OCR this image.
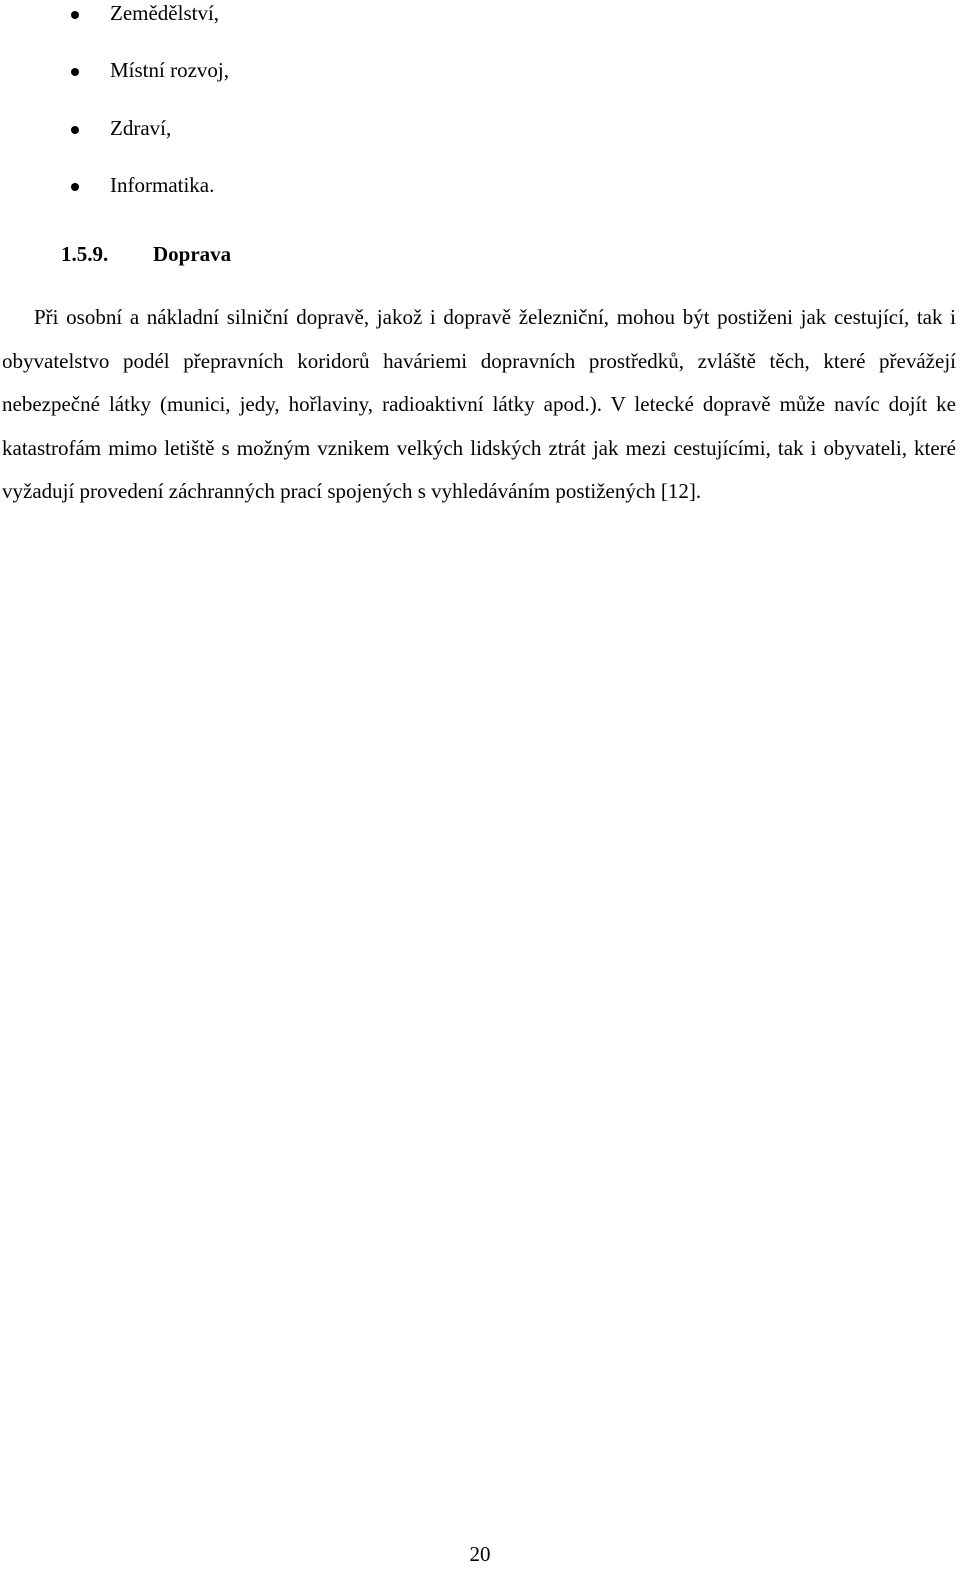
Zemědělství,
Místní rozvoj,
Zdraví,
Informatika.
1.5.9. Doprava

Při osobní a nákladní silniční dopravě, jakož i dopravě železniční, mohou být postiženi jak cestující, tak i obyvatelstvo podél přepravních koridorů haváriemi dopravních prostředků, zvláště těch, které převážejí nebezpečné látky (munici, jedy, hořlaviny, radioaktivní látky apod.). V letecké dopravě může navíc dojít ke katastrofám mimo letiště s možným vznikem velkých lidských ztrát jak mezi cestujícími, tak i obyvateli, které vyžadují provedení záchranných prací spojených s vyhledáváním postižených [12].

20
